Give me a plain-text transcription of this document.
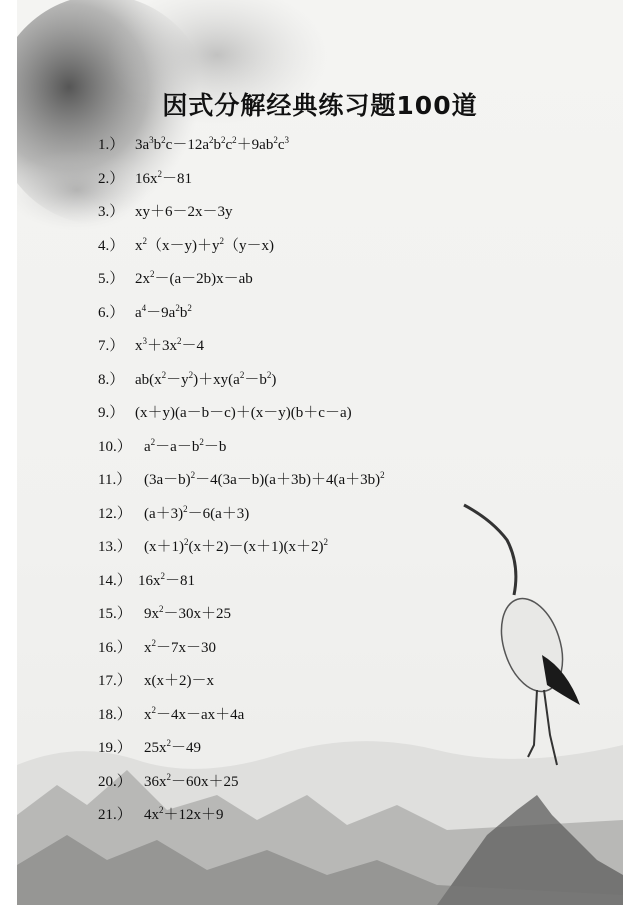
因式分解经典练习题100道
1.） $3a^3b^2c-12a^2b^2c^2+9ab^2c^3$
2.） $16x^2-81$
3.） xy＋6－2x－3y
4.） $x^2(x-y)+y^2(y-x)$
5.） $2x^2-(a-2b)x-ab$
6.） $a^4-9a^2b^2$
7.） $x^3+3x^2-4$
8.） $ab(x^2-y^2)+xy(a^2-b^2)$
9.） (x＋y)(a－b－c)＋(x－y)(b＋c－a)
10.） $a^2-a-b^2-b$
11.） $(3a-b)^2-4(3a-b)(a+3b)+4(a+3b)^2$
12.） $(a+3)^2-6(a+3)$
13.） $(x+1)^2(x+2)-(x+1)(x+2)^2$
14.） $16x^2-81$
15.） $9x^2-30x+25$
16.） $x^2-7x-30$
17.） x(x＋2)－x
18.） $x^2-4x-ax+4a$
19.） $25x^2-49$
20.） $36x^2-60x+25$
21.） $4x^2+12x+9$
